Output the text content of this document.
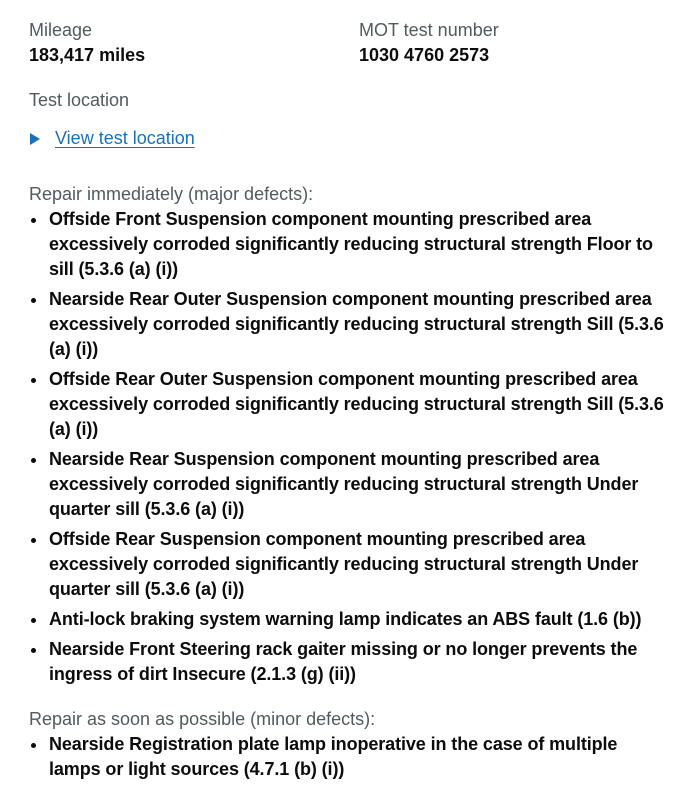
Mileage

183,417 miles

MOT test number

1030 4760 2573

Test location

View test location

Repair immediately (major defects):

Offside Front Suspension component mounting prescribed area excessively corroded significantly reducing structural strength Floor to sill (5.3.6 (a) (i))
Nearside Rear Outer Suspension component mounting prescribed area excessively corroded significantly reducing structural strength Sill (5.3.6 (a) (i))
Offside Rear Outer Suspension component mounting prescribed area excessively corroded significantly reducing structural strength Sill (5.3.6 (a) (i))
Nearside Rear Suspension component mounting prescribed area excessively corroded significantly reducing structural strength Under quarter sill (5.3.6 (a) (i))
Offside Rear Suspension component mounting prescribed area excessively corroded significantly reducing structural strength Under quarter sill (5.3.6 (a) (i))
Anti-lock braking system warning lamp indicates an ABS fault (1.6 (b))
Nearside Front Steering rack gaiter missing or no longer prevents the ingress of dirt Insecure (2.1.3 (g) (ii))

Repair as soon as possible (minor defects):

Nearside Registration plate lamp inoperative in the case of multiple lamps or light sources (4.7.1 (b) (i))
